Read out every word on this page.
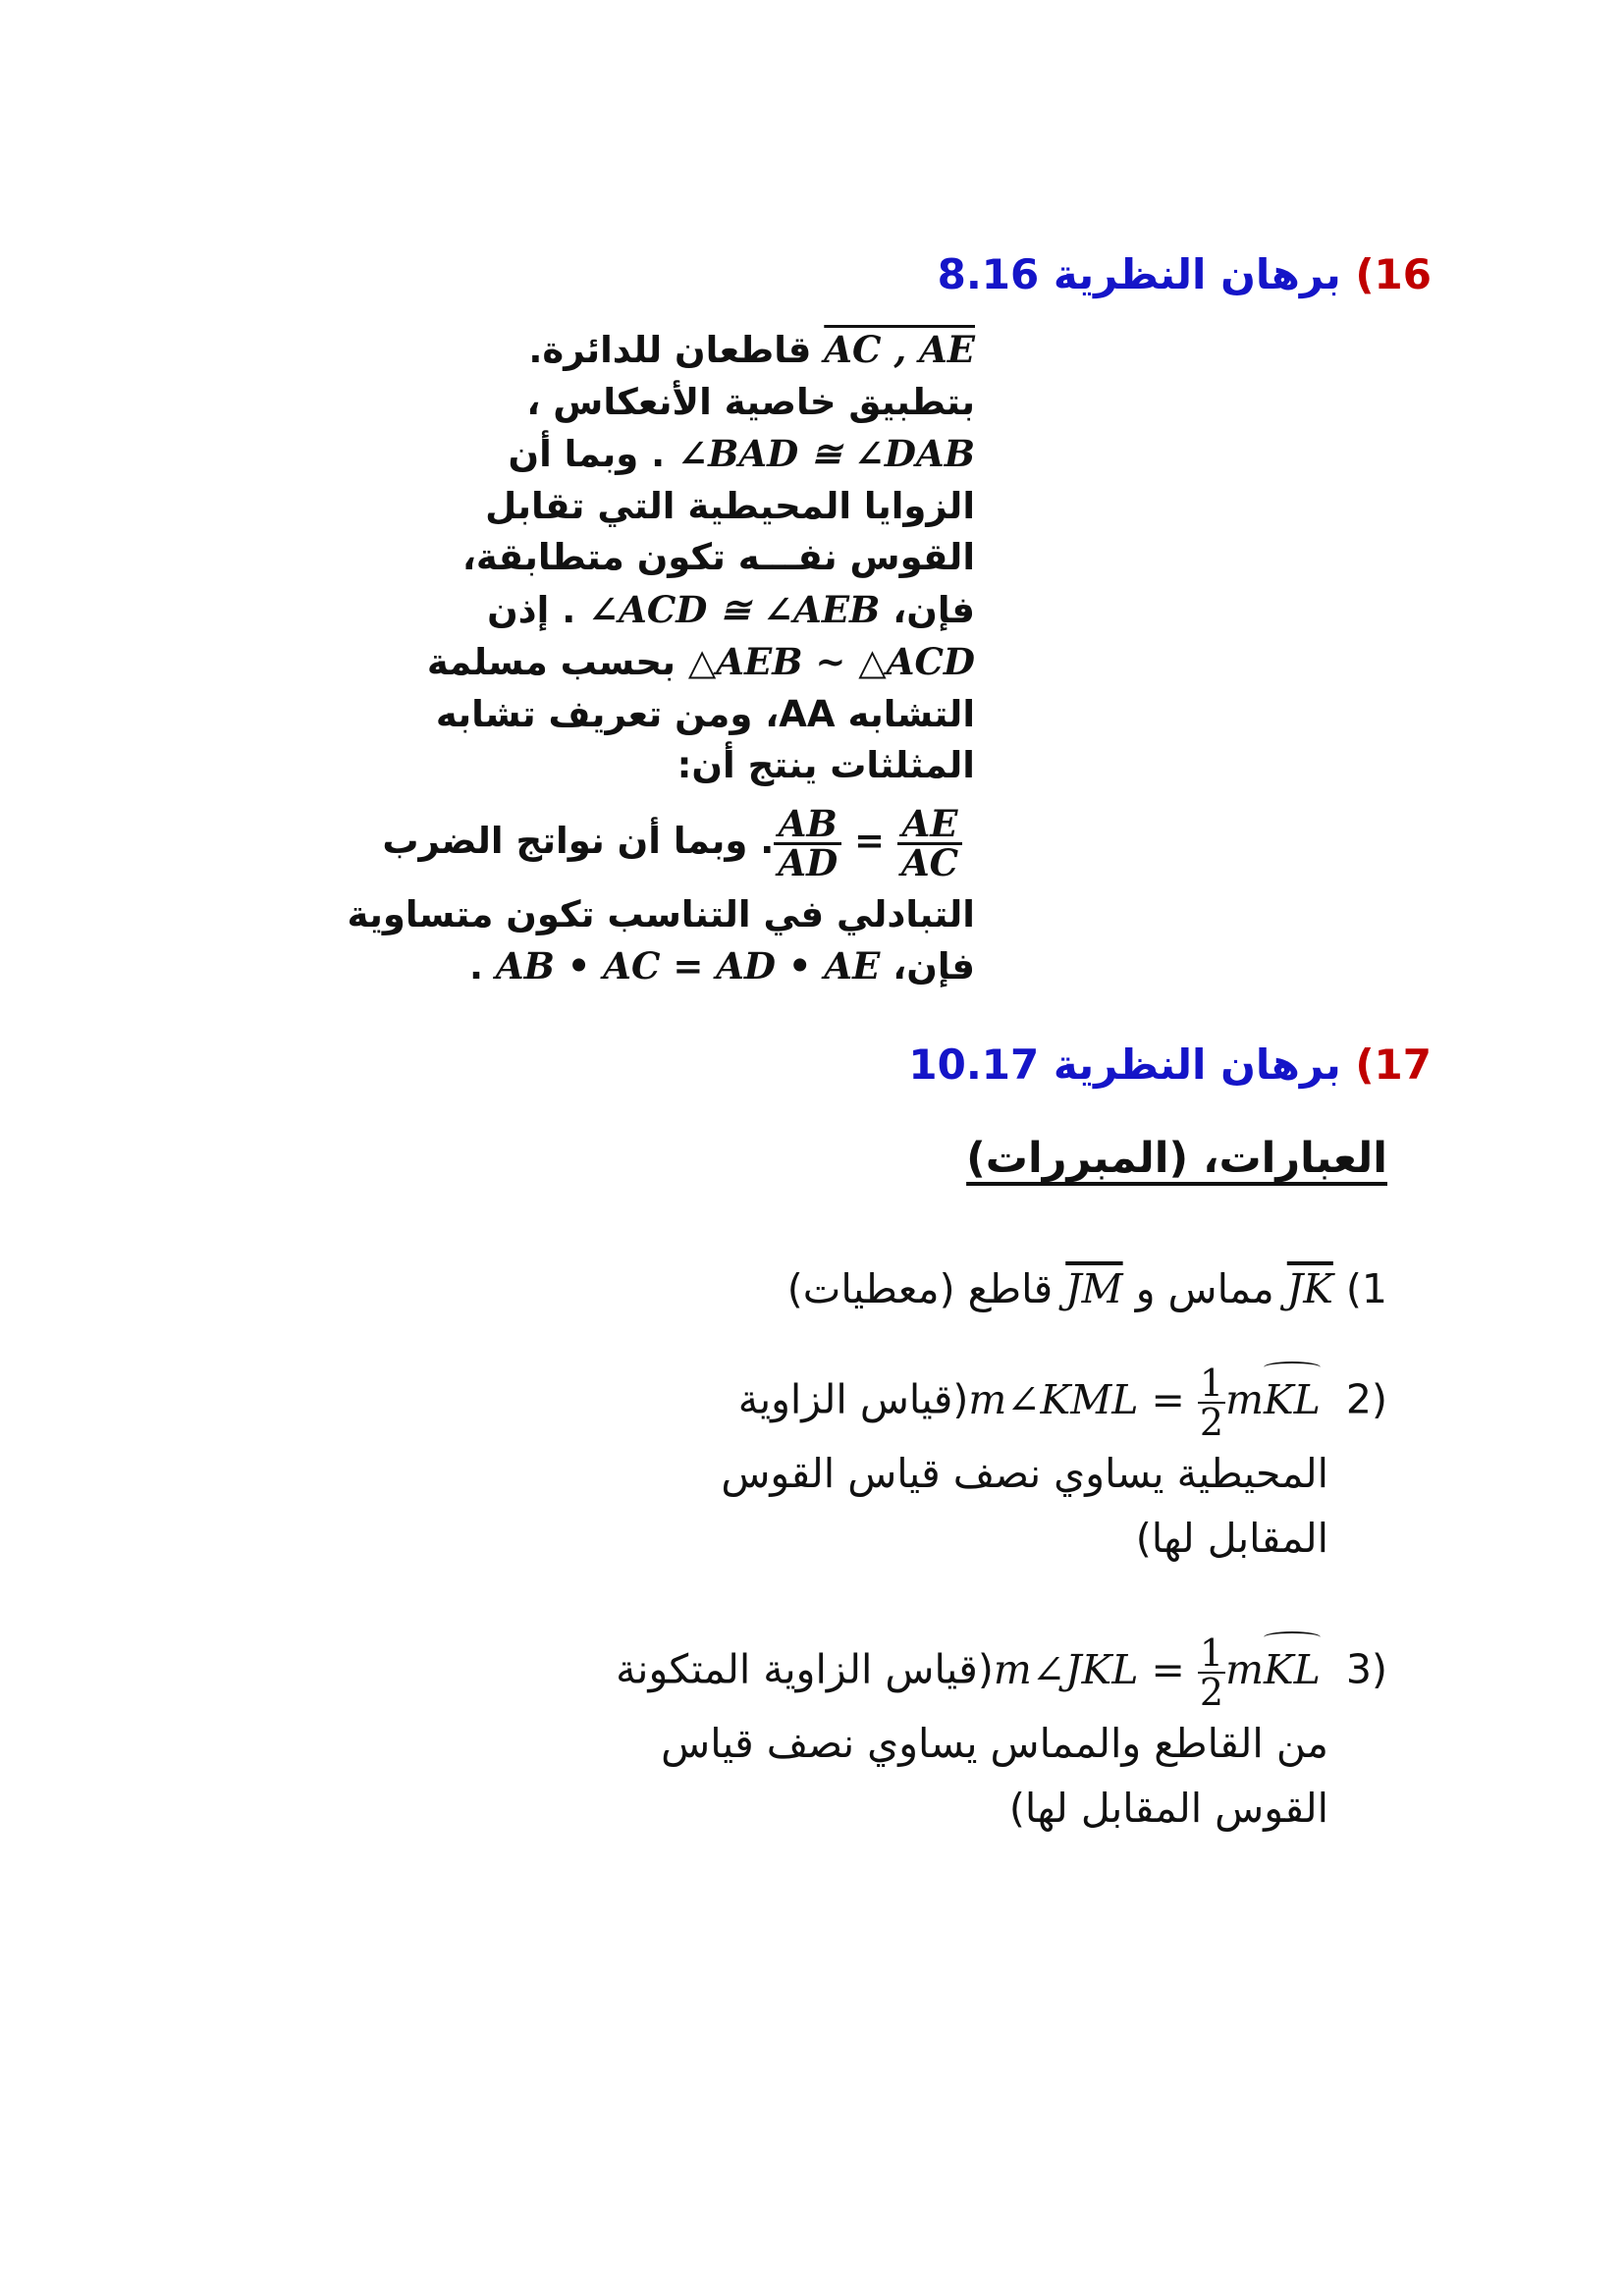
16) برهان النظرية 8.16
AC , AE قاطعان للدائرة.
بتطبيق خاصية الأنعكاس ،
∠BAD ≅ ∠DAB . وبما أن
الزوايا المحيطية التي تقابل
القوس نفـــه تكون متطابقة،
فإن، ∠ACD ≅ ∠AEB . إذن
△AEB ~ △ACD بحسب مسلمة
التشابه AA، ومن تعريف تشابه
المثلثات ينتج أن:
$\frac{AB}{AD} = \frac{AE}{AC}$
. وبما أن نواتج الضرب
التبادلي في التناسب تكون متساوية
فإن، AB • AC = AD • AE .
17) برهان النظرية 10.17
العبارات، (المبررات)
1) $\overline{JK}$ مماس و $\overline{JM}$ قاطع (معطيات)
(2 m∠KML = $\frac{1}{2}$ mKL (قياس الزاوية
المحيطية يساوي نصف قياس القوس
المقابل لها)
(3 m∠JKL = $\frac{1}{2}$ mKL (قياس الزاوية المتكونة
من القاطع والمماس يساوي نصف قياس
القوس المقابل لها)
